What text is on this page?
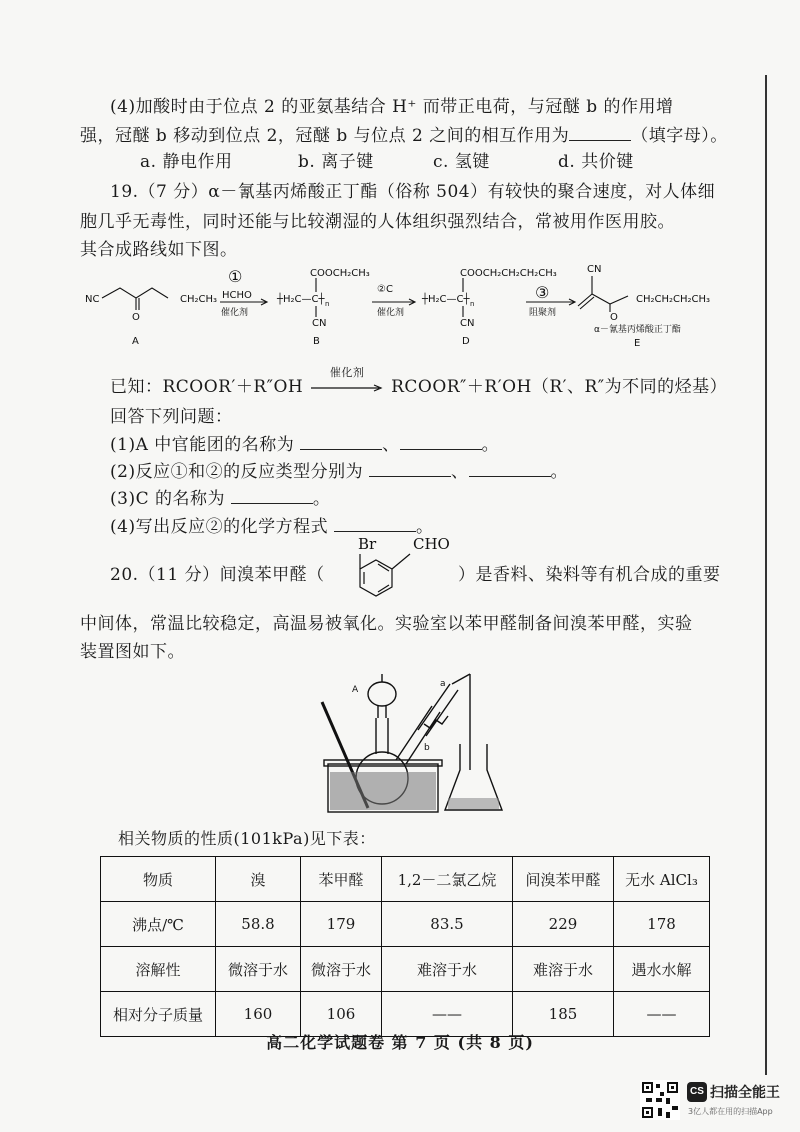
(4)加酸时由于位点 2 的亚氨基结合 H⁺ 而带正电荷，与冠醚 b 的作用增
强，冠醚 b 移动到位点 2，冠醚 b 与位点 2 之间的相互作用为	（填字母）。
a. 静电作用	b. 离子键	c. 氢键	d. 共价键
19.（7 分）α－氰基丙烯酸正丁酯（俗称 504）有较快的聚合速度，对人体细
胞几乎无毒性，同时还能与比较潮湿的人体组织强烈结合，常被用作医用胶。
其合成路线如下图。
NC	CH₂CH₃
O
A
①
HCHO
催化剂
COOCH₂CH₃
┼H₂C—C┼ n
CN
B
②C
催化剂
COOCH₂CH₂CH₂CH₃
┼H₂C—C┼ n
CN
D
③
阻聚剂
CN
O
CH₂CH₂CH₂CH₃
α－氰基丙烯酸正丁酯
E
已知：RCOOR′＋R″OH
催化剂
RCOOR″＋R′OH（R′、R″为不同的烃基）
回答下列问题：
(1)A 中官能团的名称为	、	。
(2)反应①和②的反应类型分别为	、	。
(3)C 的名称为	。
(4)写出反应②的化学方程式	。
20.（11 分）间溴苯甲醛（
Br CHO
）是香料、染料等有机合成的重要
中间体，常温比较稳定，高温易被氧化。实验室以苯甲醛制备间溴苯甲醛，实验
装置图如下。
A
a
b
相关物质的性质(101kPa)见下表：
物质	溴	苯甲醛	1,2－二氯乙烷	间溴苯甲醛	无水 AlCl₃
沸点/℃	58.8	179	83.5	229	178
溶解性	微溶于水	微溶于水	难溶于水	难溶于水	遇水水解
相对分子质量	160	106	——	185	——
高二化学试题卷 第 7 页 (共 8 页)
CS 扫描全能王
3亿人都在用的扫描App
